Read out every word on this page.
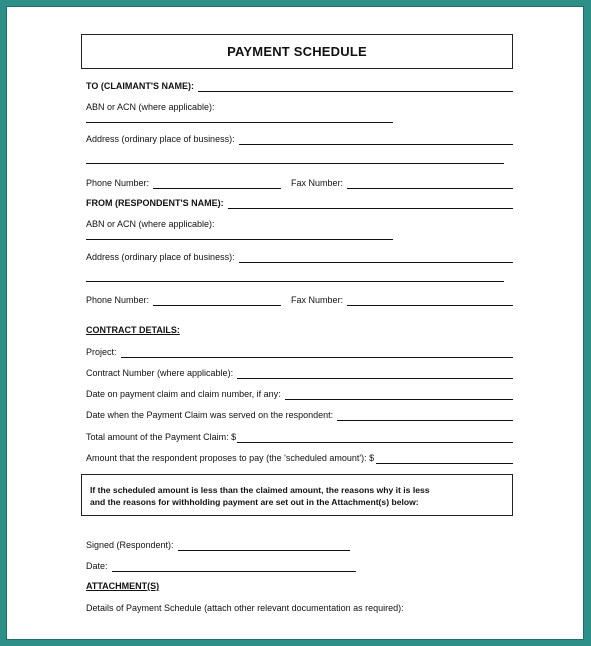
PAYMENT SCHEDULE
TO (CLAIMANT'S NAME):
ABN or ACN (where applicable):
Address (ordinary place of business):
Phone Number:	Fax Number:
FROM (RESPONDENT'S NAME):
ABN or ACN (where applicable):
Address (ordinary place of business):
Phone Number:	Fax Number:
CONTRACT DETAILS:
Project:
Contract Number (where applicable):
Date on payment claim and claim number, if any:
Date when the Payment Claim was served on the respondent:
Total amount of the Payment Claim: $
Amount that the respondent proposes to pay (the 'scheduled amount'): $
If the scheduled amount is less than the claimed amount, the reasons why it is less
and the reasons for withholding payment are set out in the Attachment(s) below:
Signed (Respondent):
Date:
ATTACHMENT(S)
Details of Payment Schedule (attach other relevant documentation as required):
